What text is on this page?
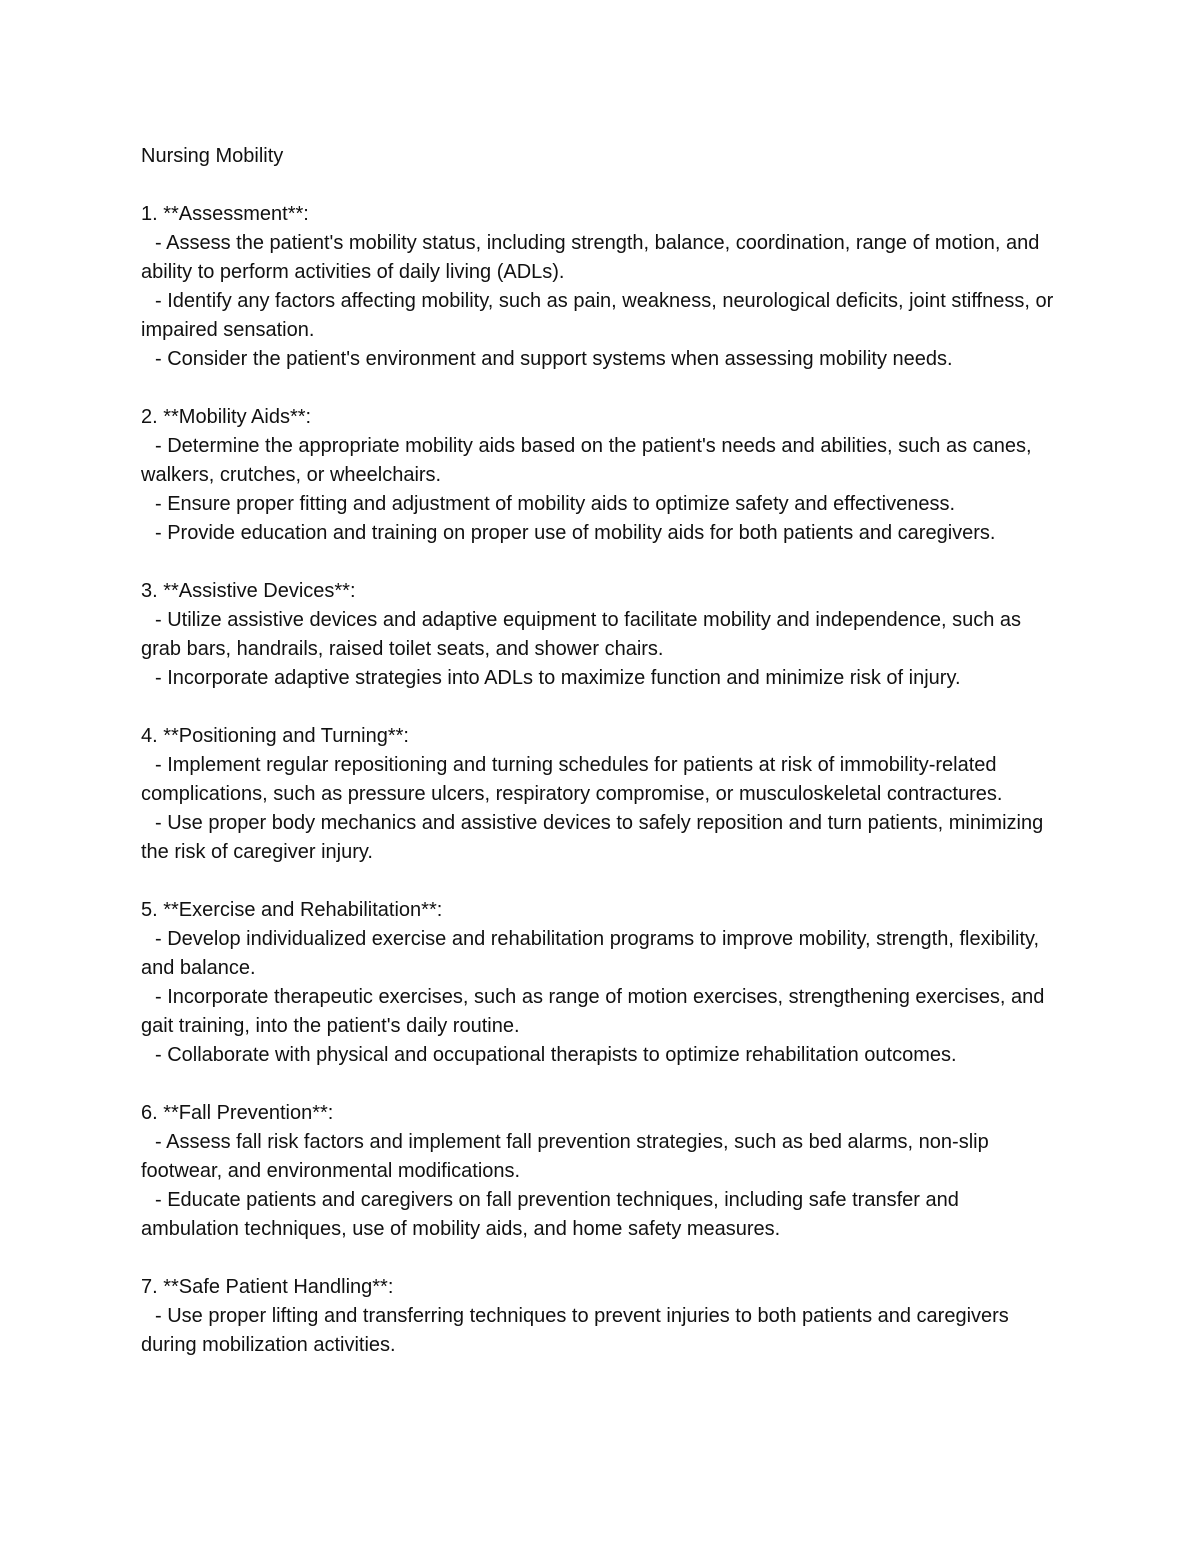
Nursing Mobility

1. **Assessment**:

- Assess the patient's mobility status, including strength, balance, coordination, range of motion, and ability to perform activities of daily living (ADLs).

- Identify any factors affecting mobility, such as pain, weakness, neurological deficits, joint stiffness, or impaired sensation.

- Consider the patient's environment and support systems when assessing mobility needs.

2. **Mobility Aids**:

- Determine the appropriate mobility aids based on the patient's needs and abilities, such as canes, walkers, crutches, or wheelchairs.

- Ensure proper fitting and adjustment of mobility aids to optimize safety and effectiveness.

- Provide education and training on proper use of mobility aids for both patients and caregivers.

3. **Assistive Devices**:

- Utilize assistive devices and adaptive equipment to facilitate mobility and independence, such as grab bars, handrails, raised toilet seats, and shower chairs.

- Incorporate adaptive strategies into ADLs to maximize function and minimize risk of injury.

4. **Positioning and Turning**:

- Implement regular repositioning and turning schedules for patients at risk of immobility-related complications, such as pressure ulcers, respiratory compromise, or musculoskeletal contractures.

- Use proper body mechanics and assistive devices to safely reposition and turn patients, minimizing the risk of caregiver injury.

5. **Exercise and Rehabilitation**:

- Develop individualized exercise and rehabilitation programs to improve mobility, strength, flexibility, and balance.

- Incorporate therapeutic exercises, such as range of motion exercises, strengthening exercises, and gait training, into the patient's daily routine.

- Collaborate with physical and occupational therapists to optimize rehabilitation outcomes.

6. **Fall Prevention**:

- Assess fall risk factors and implement fall prevention strategies, such as bed alarms, non-slip footwear, and environmental modifications.

- Educate patients and caregivers on fall prevention techniques, including safe transfer and ambulation techniques, use of mobility aids, and home safety measures.

7. **Safe Patient Handling**:

- Use proper lifting and transferring techniques to prevent injuries to both patients and caregivers during mobilization activities.
